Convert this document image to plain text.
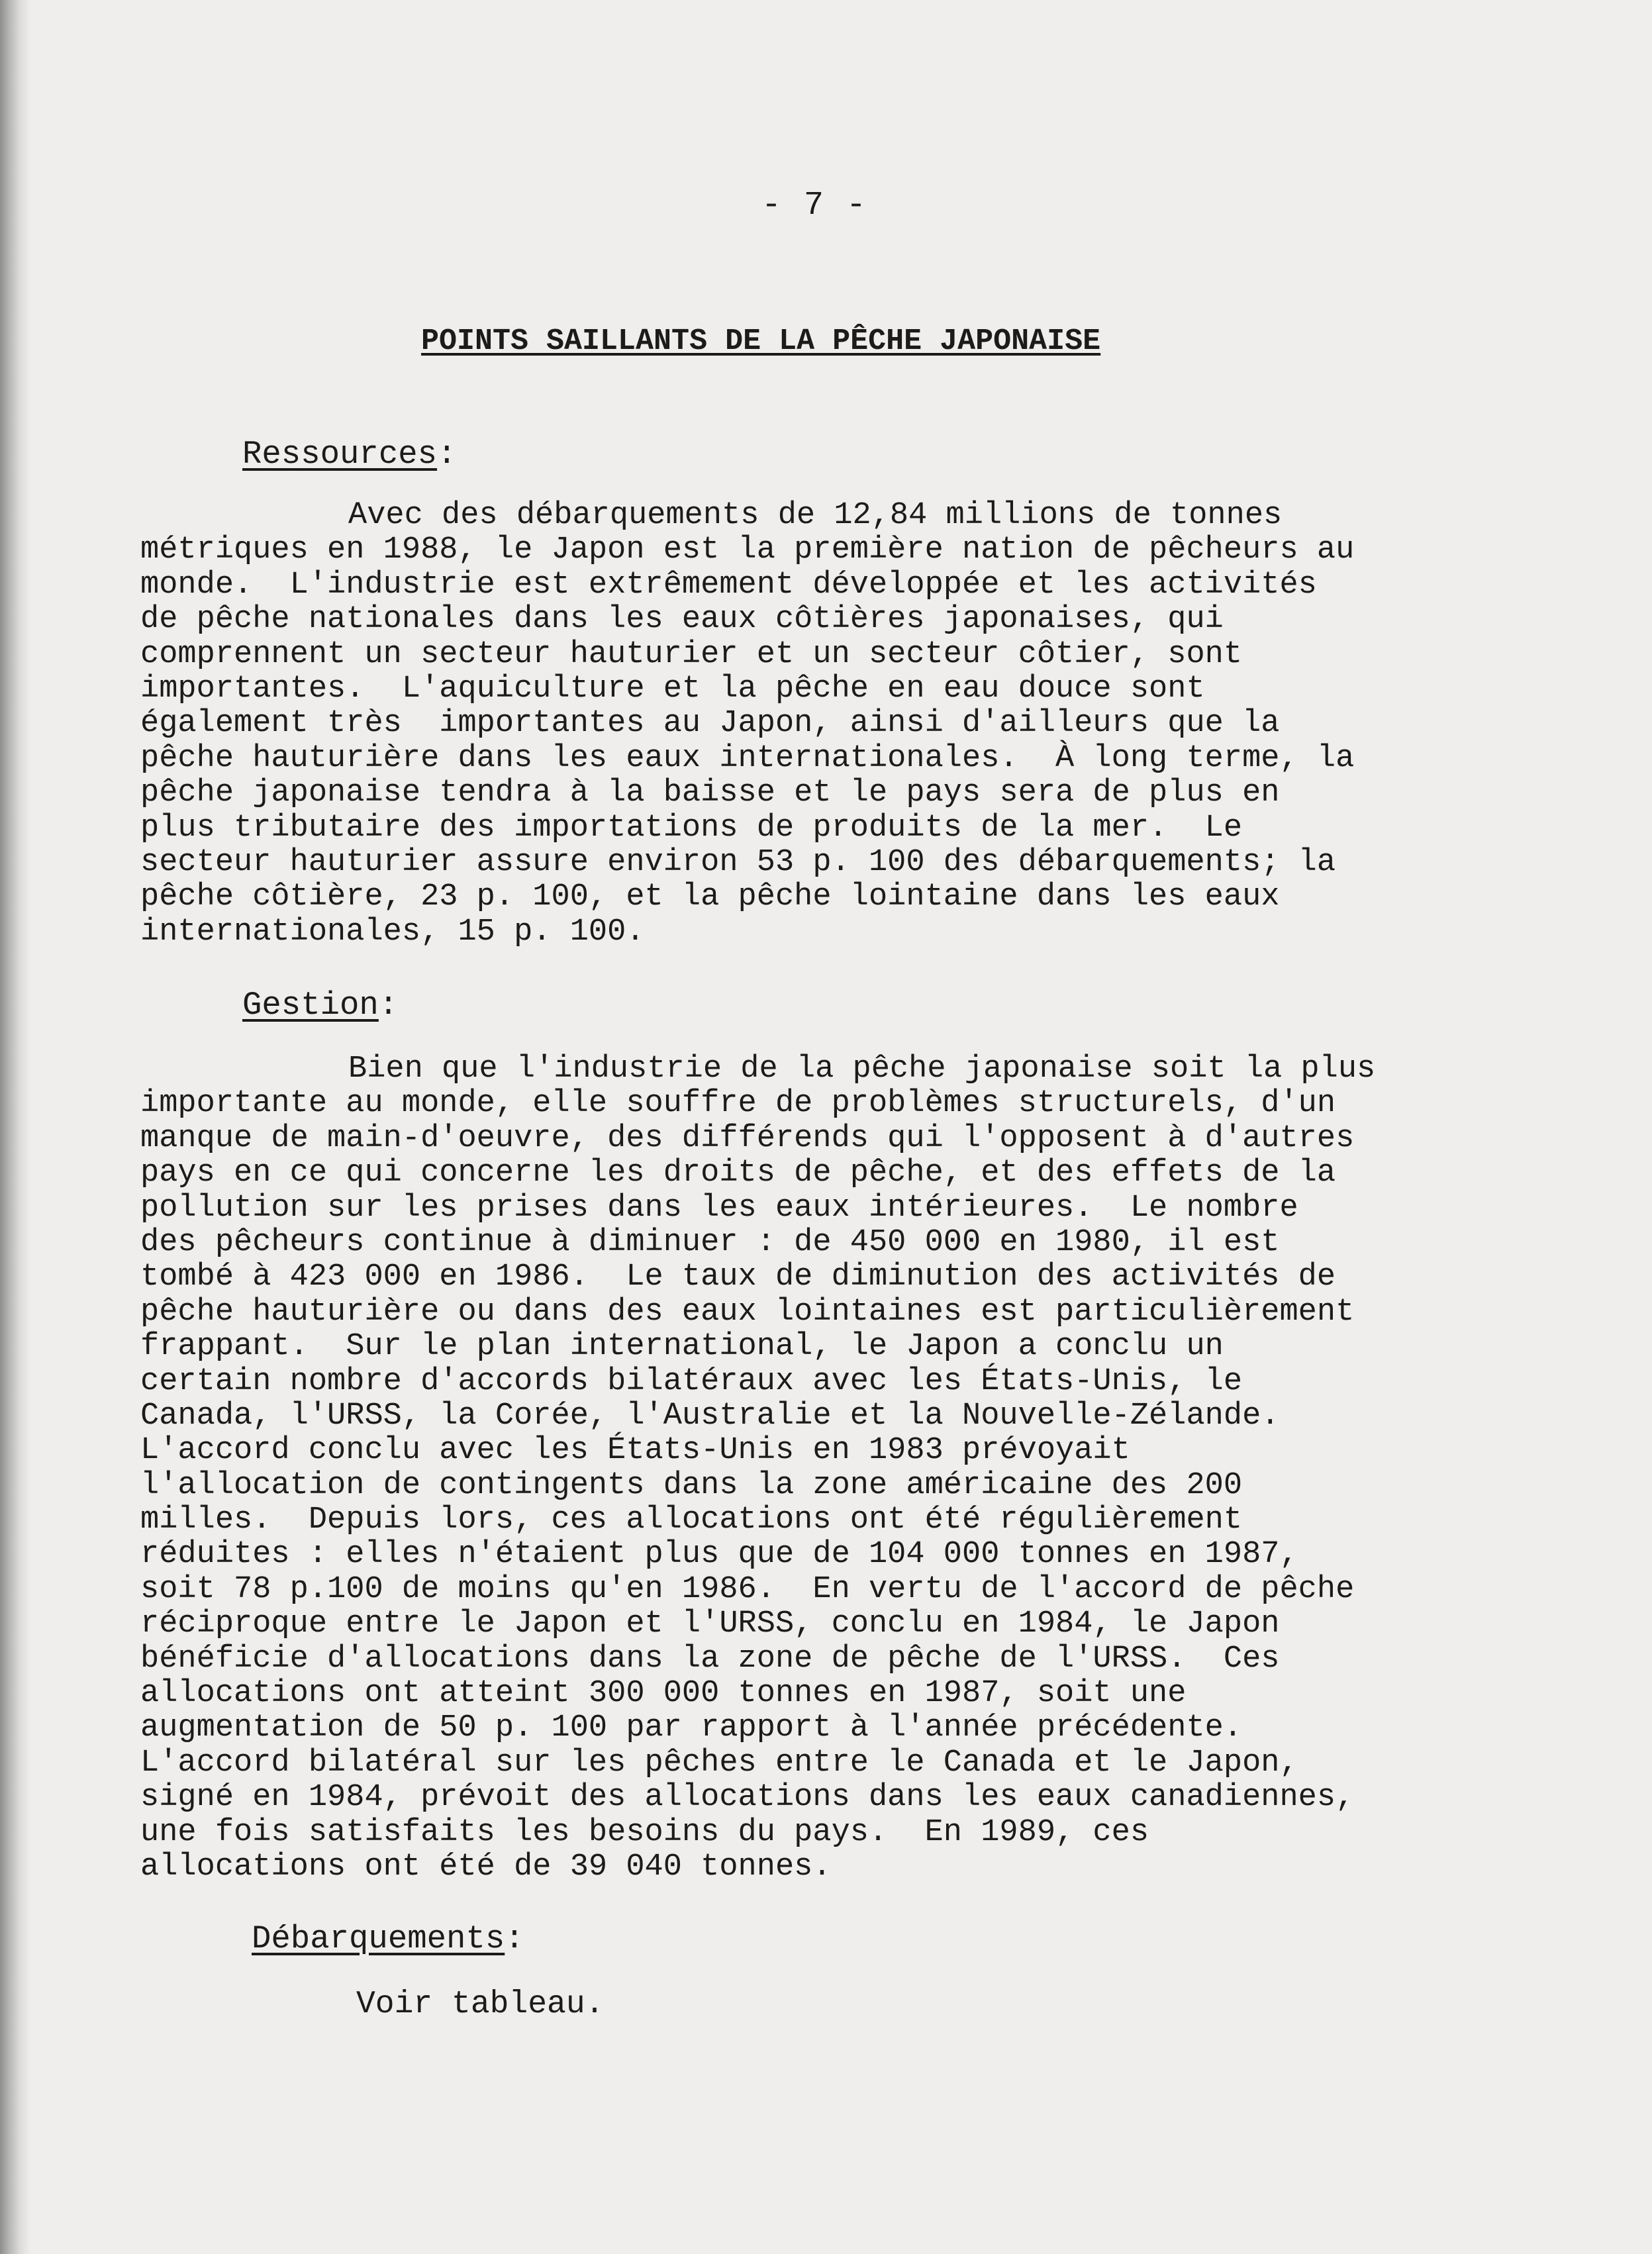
- 7 -
POINTS SAILLANTS DE LA PÊCHE JAPONAISE
Ressources:
Avec des débarquements de 12,84 millions de tonnes
métriques en 1988, le Japon est la première nation de pêcheurs au
monde.  L'industrie est extrêmement développée et les activités
de pêche nationales dans les eaux côtières japonaises, qui
comprennent un secteur hauturier et un secteur côtier, sont
importantes.  L'aquiculture et la pêche en eau douce sont
également très  importantes au Japon, ainsi d'ailleurs que la
pêche hauturière dans les eaux internationales.  À long terme, la
pêche japonaise tendra à la baisse et le pays sera de plus en
plus tributaire des importations de produits de la mer.  Le
secteur hauturier assure environ 53 p. 100 des débarquements; la
pêche côtière, 23 p. 100, et la pêche lointaine dans les eaux
internationales, 15 p. 100.
Gestion:
Bien que l'industrie de la pêche japonaise soit la plus
importante au monde, elle souffre de problèmes structurels, d'un
manque de main-d'oeuvre, des différends qui l'opposent à d'autres
pays en ce qui concerne les droits de pêche, et des effets de la
pollution sur les prises dans les eaux intérieures.  Le nombre
des pêcheurs continue à diminuer : de 450 000 en 1980, il est
tombé à 423 000 en 1986.  Le taux de diminution des activités de
pêche hauturière ou dans des eaux lointaines est particulièrement
frappant.  Sur le plan international, le Japon a conclu un
certain nombre d'accords bilatéraux avec les États-Unis, le
Canada, l'URSS, la Corée, l'Australie et la Nouvelle-Zélande.
L'accord conclu avec les États-Unis en 1983 prévoyait
l'allocation de contingents dans la zone américaine des 200
milles.  Depuis lors, ces allocations ont été régulièrement
réduites : elles n'étaient plus que de 104 000 tonnes en 1987,
soit 78 p.100 de moins qu'en 1986.  En vertu de l'accord de pêche
réciproque entre le Japon et l'URSS, conclu en 1984, le Japon
bénéficie d'allocations dans la zone de pêche de l'URSS.  Ces
allocations ont atteint 300 000 tonnes en 1987, soit une
augmentation de 50 p. 100 par rapport à l'année précédente.
L'accord bilatéral sur les pêches entre le Canada et le Japon,
signé en 1984, prévoit des allocations dans les eaux canadiennes,
une fois satisfaits les besoins du pays.  En 1989, ces
allocations ont été de 39 040 tonnes.
Débarquements:
Voir tableau.
